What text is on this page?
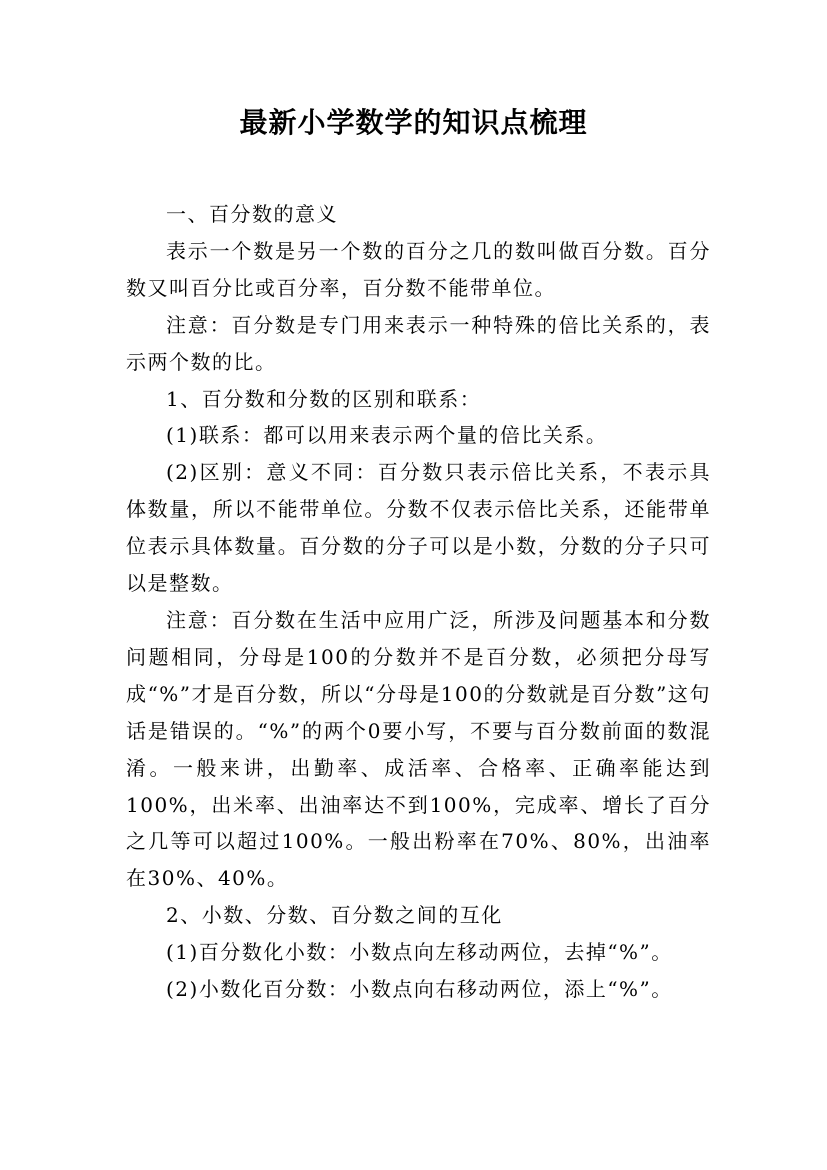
最新小学数学的知识点梳理

一、百分数的意义

表示一个数是另一个数的百分之几的数叫做百分数。百分数又叫百分比或百分率，百分数不能带单位。

注意：百分数是专门用来表示一种特殊的倍比关系的，表示两个数的比。

1、百分数和分数的区别和联系：

(1)联系：都可以用来表示两个量的倍比关系。

(2)区别：意义不同：百分数只表示倍比关系，不表示具体数量，所以不能带单位。分数不仅表示倍比关系，还能带单位表示具体数量。百分数的分子可以是小数，分数的分子只可以是整数。

注意：百分数在生活中应用广泛，所涉及问题基本和分数问题相同，分母是100的分数并不是百分数，必须把分母写成“%”才是百分数，所以“分母是100的分数就是百分数”这句话是错误的。“%”的两个0要小写，不要与百分数前面的数混淆。一般来讲，出勤率、成活率、合格率、正确率能达到100%，出米率、出油率达不到100%，完成率、增长了百分之几等可以超过100%。一般出粉率在70%、80%，出油率在30%、40%。

2、小数、分数、百分数之间的互化

(1)百分数化小数：小数点向左移动两位，去掉“%”。

(2)小数化百分数：小数点向右移动两位，添上“%”。
